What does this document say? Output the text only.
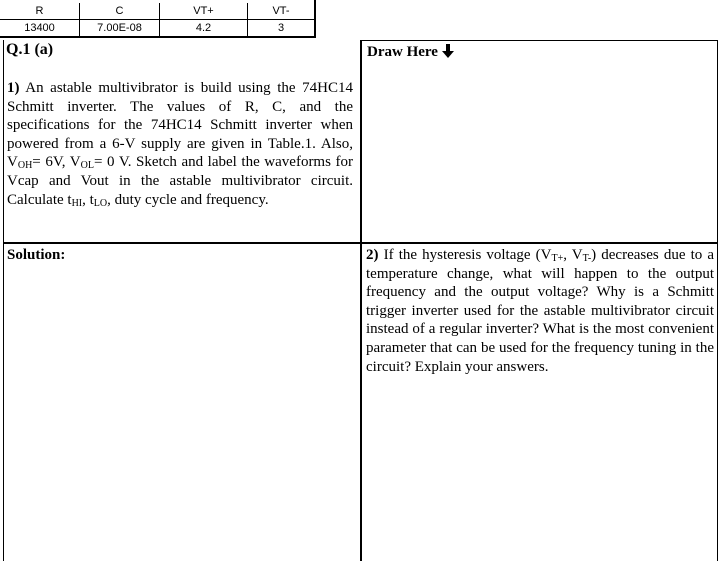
R	C	VT+	VT-
13400	7.00E-08	4.2	3
Q.1 (a)	Draw Here

1) An astable multivibrator is build using the 74HC14 Schmitt inverter. The values of R, C, and the specifications for the 74HC14 Schmitt inverter when powered from a 6-V supply are given in Table.1. Also, $V_{OH}= 6V$, $V_{OL}= 0$ V. Sketch and label the waveforms for Vcap and Vout in the astable multivibrator circuit. Calculate $t_{HI}$, $t_{LO}$, duty cycle and frequency.

Solution:	2) If the hysteresis voltage ($V_{T+}$, $V_{T-}$) decreases due to a temperature change, what will happen to the output frequency and the output voltage? Why is a Schmitt trigger inverter used for the astable multivibrator circuit instead of a regular inverter? What is the most convenient parameter that can be used for the frequency tuning in the circuit? Explain your answers.
